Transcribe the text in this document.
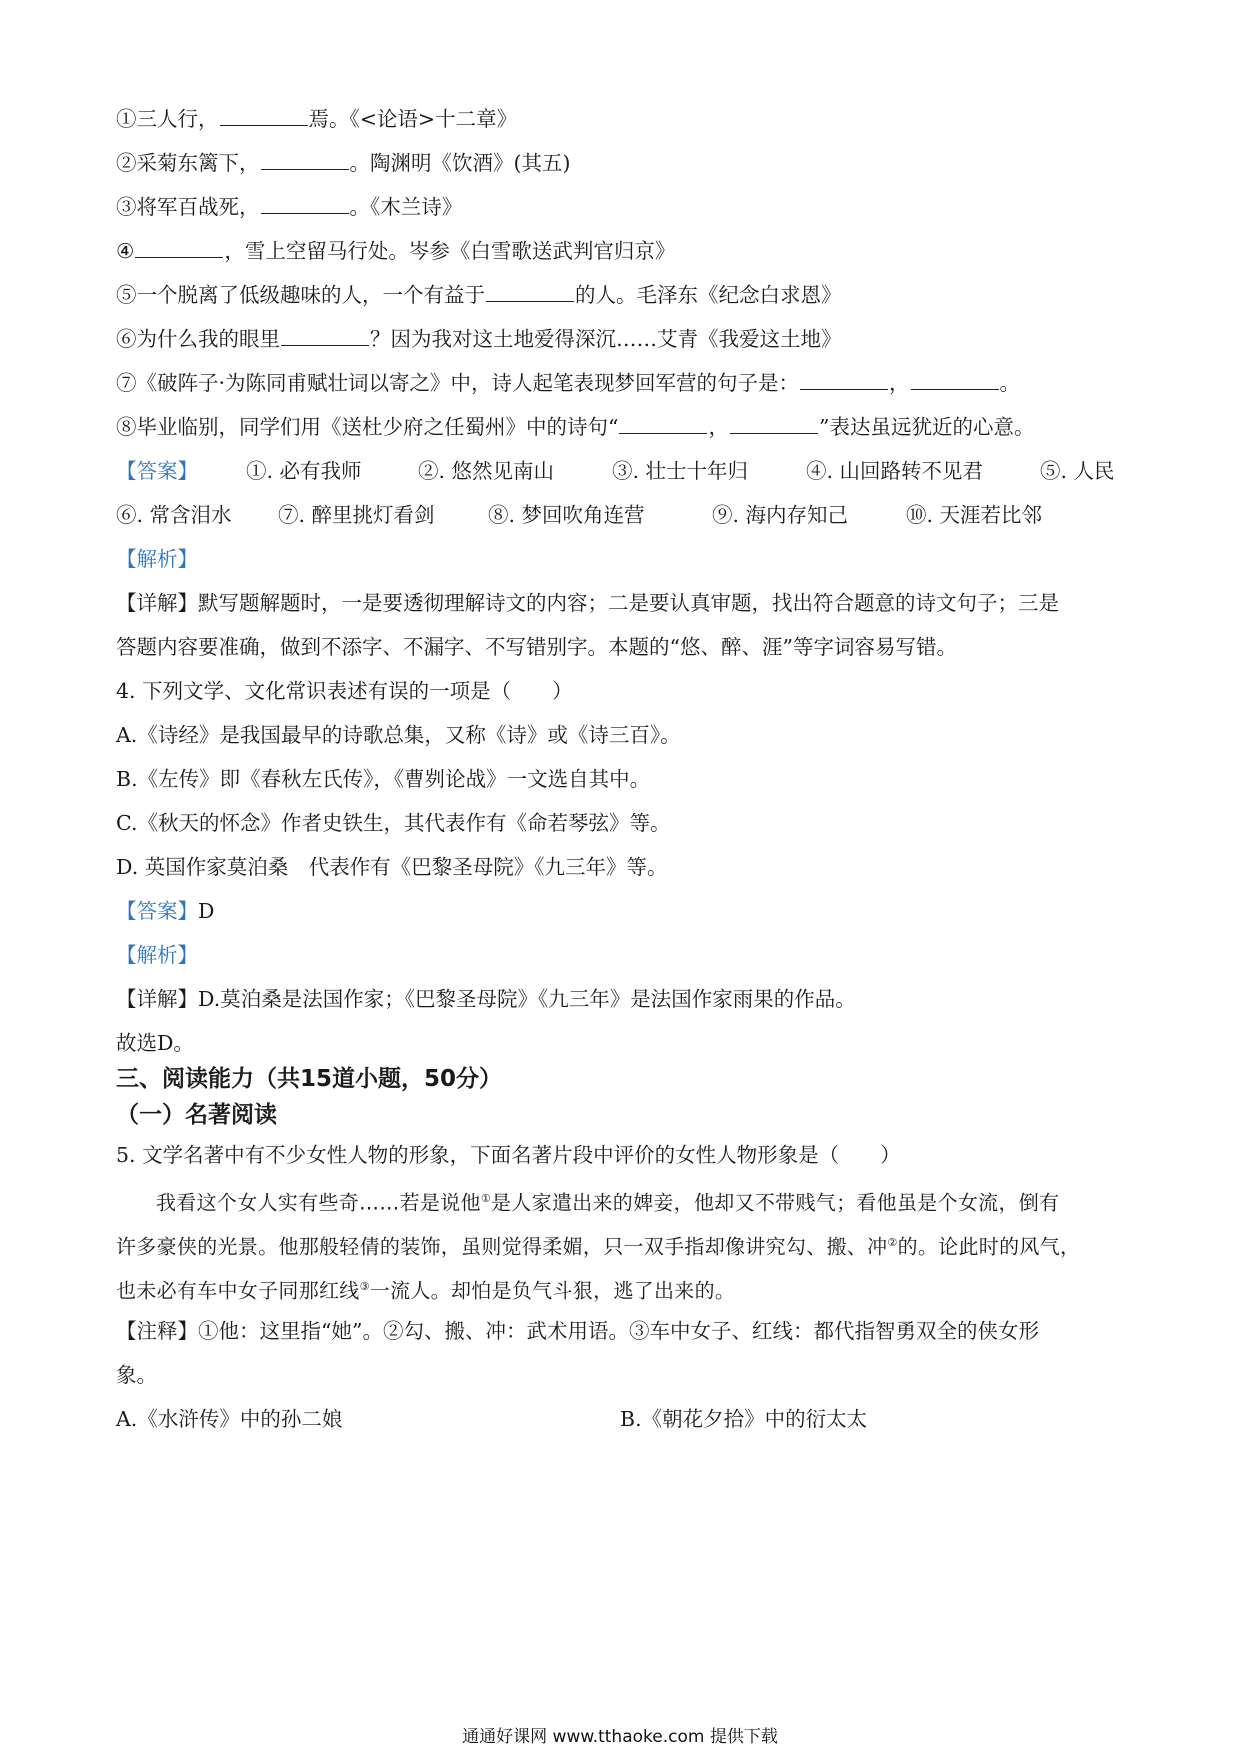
①三人行，	焉。《<论语>十二章》
②采菊东篱下，	。陶渊明《饮酒》(其五)
③将军百战死，	。《木兰诗》
④	，雪上空留马行处。岑参《白雪歌送武判官归京》
⑤一个脱离了低级趣味的人，一个有益于	的人。毛泽东《纪念白求恩》
⑥为什么我的眼里	？因为我对这土地爱得深沉……艾青《我爱这土地》
⑦《破阵子·为陈同甫赋壮词以寄之》中，诗人起笔表现梦回军营的句子是：	，	。
⑧毕业临别，同学们用《送杜少府之任蜀州》中的诗句“	，	”表达虽远犹近的心意。
【答案】 ①. 必有我师	②. 悠然见南山	③. 壮士十年归	④. 山回路转不见君	⑤. 人民
⑥. 常含泪水 ⑦. 醉里挑灯看剑	⑧. 梦回吹角连营	⑨. 海内存知己	⑩. 天涯若比邻
【解析】
【详解】默写题解题时，一是要透彻理解诗文的内容；二是要认真审题，找出符合题意的诗文句子；三是
答题内容要准确，做到不添字、不漏字、不写错别字。本题的“悠、醉、涯”等字词容易写错。
4. 下列文学、文化常识表述有误的一项是（　　）
A.《诗经》是我国最早的诗歌总集，又称《诗》或《诗三百》。
B.《左传》即《春秋左氏传》，《曹刿论战》一文选自其中。
C.《秋天的怀念》作者史铁生，其代表作有《命若琴弦》等。
D. 英国作家莫泊桑　代表作有《巴黎圣母院》《九三年》等。
【答案】D
【解析】
【详解】D.莫泊桑是法国作家；《巴黎圣母院》《九三年》是法国作家雨果的作品。
故选D。
三、阅读能力（共15道小题，50分）
（一）名著阅读
5. 文学名著中有不少女性人物的形象，下面名著片段中评价的女性人物形象是（　　）
我看这个女人实有些奇……若是说他①是人家遣出来的婢妾，他却又不带贱气；看他虽是个女流，倒有
许多豪侠的光景。他那般轻倩的装饰，虽则觉得柔媚，只一双手指却像讲究勾、搬、冲②的。论此时的风气，
也未必有车中女子同那红线③一流人。却怕是负气斗狠，逃了出来的。
【注释】①他：这里指“她”。②勾、搬、冲：武术用语。③车中女子、红线：都代指智勇双全的侠女形
象。
A.《水浒传》中的孙二娘	B.《朝花夕拾》中的衍太太
通通好课网 www.tthaoke.com 提供下载
